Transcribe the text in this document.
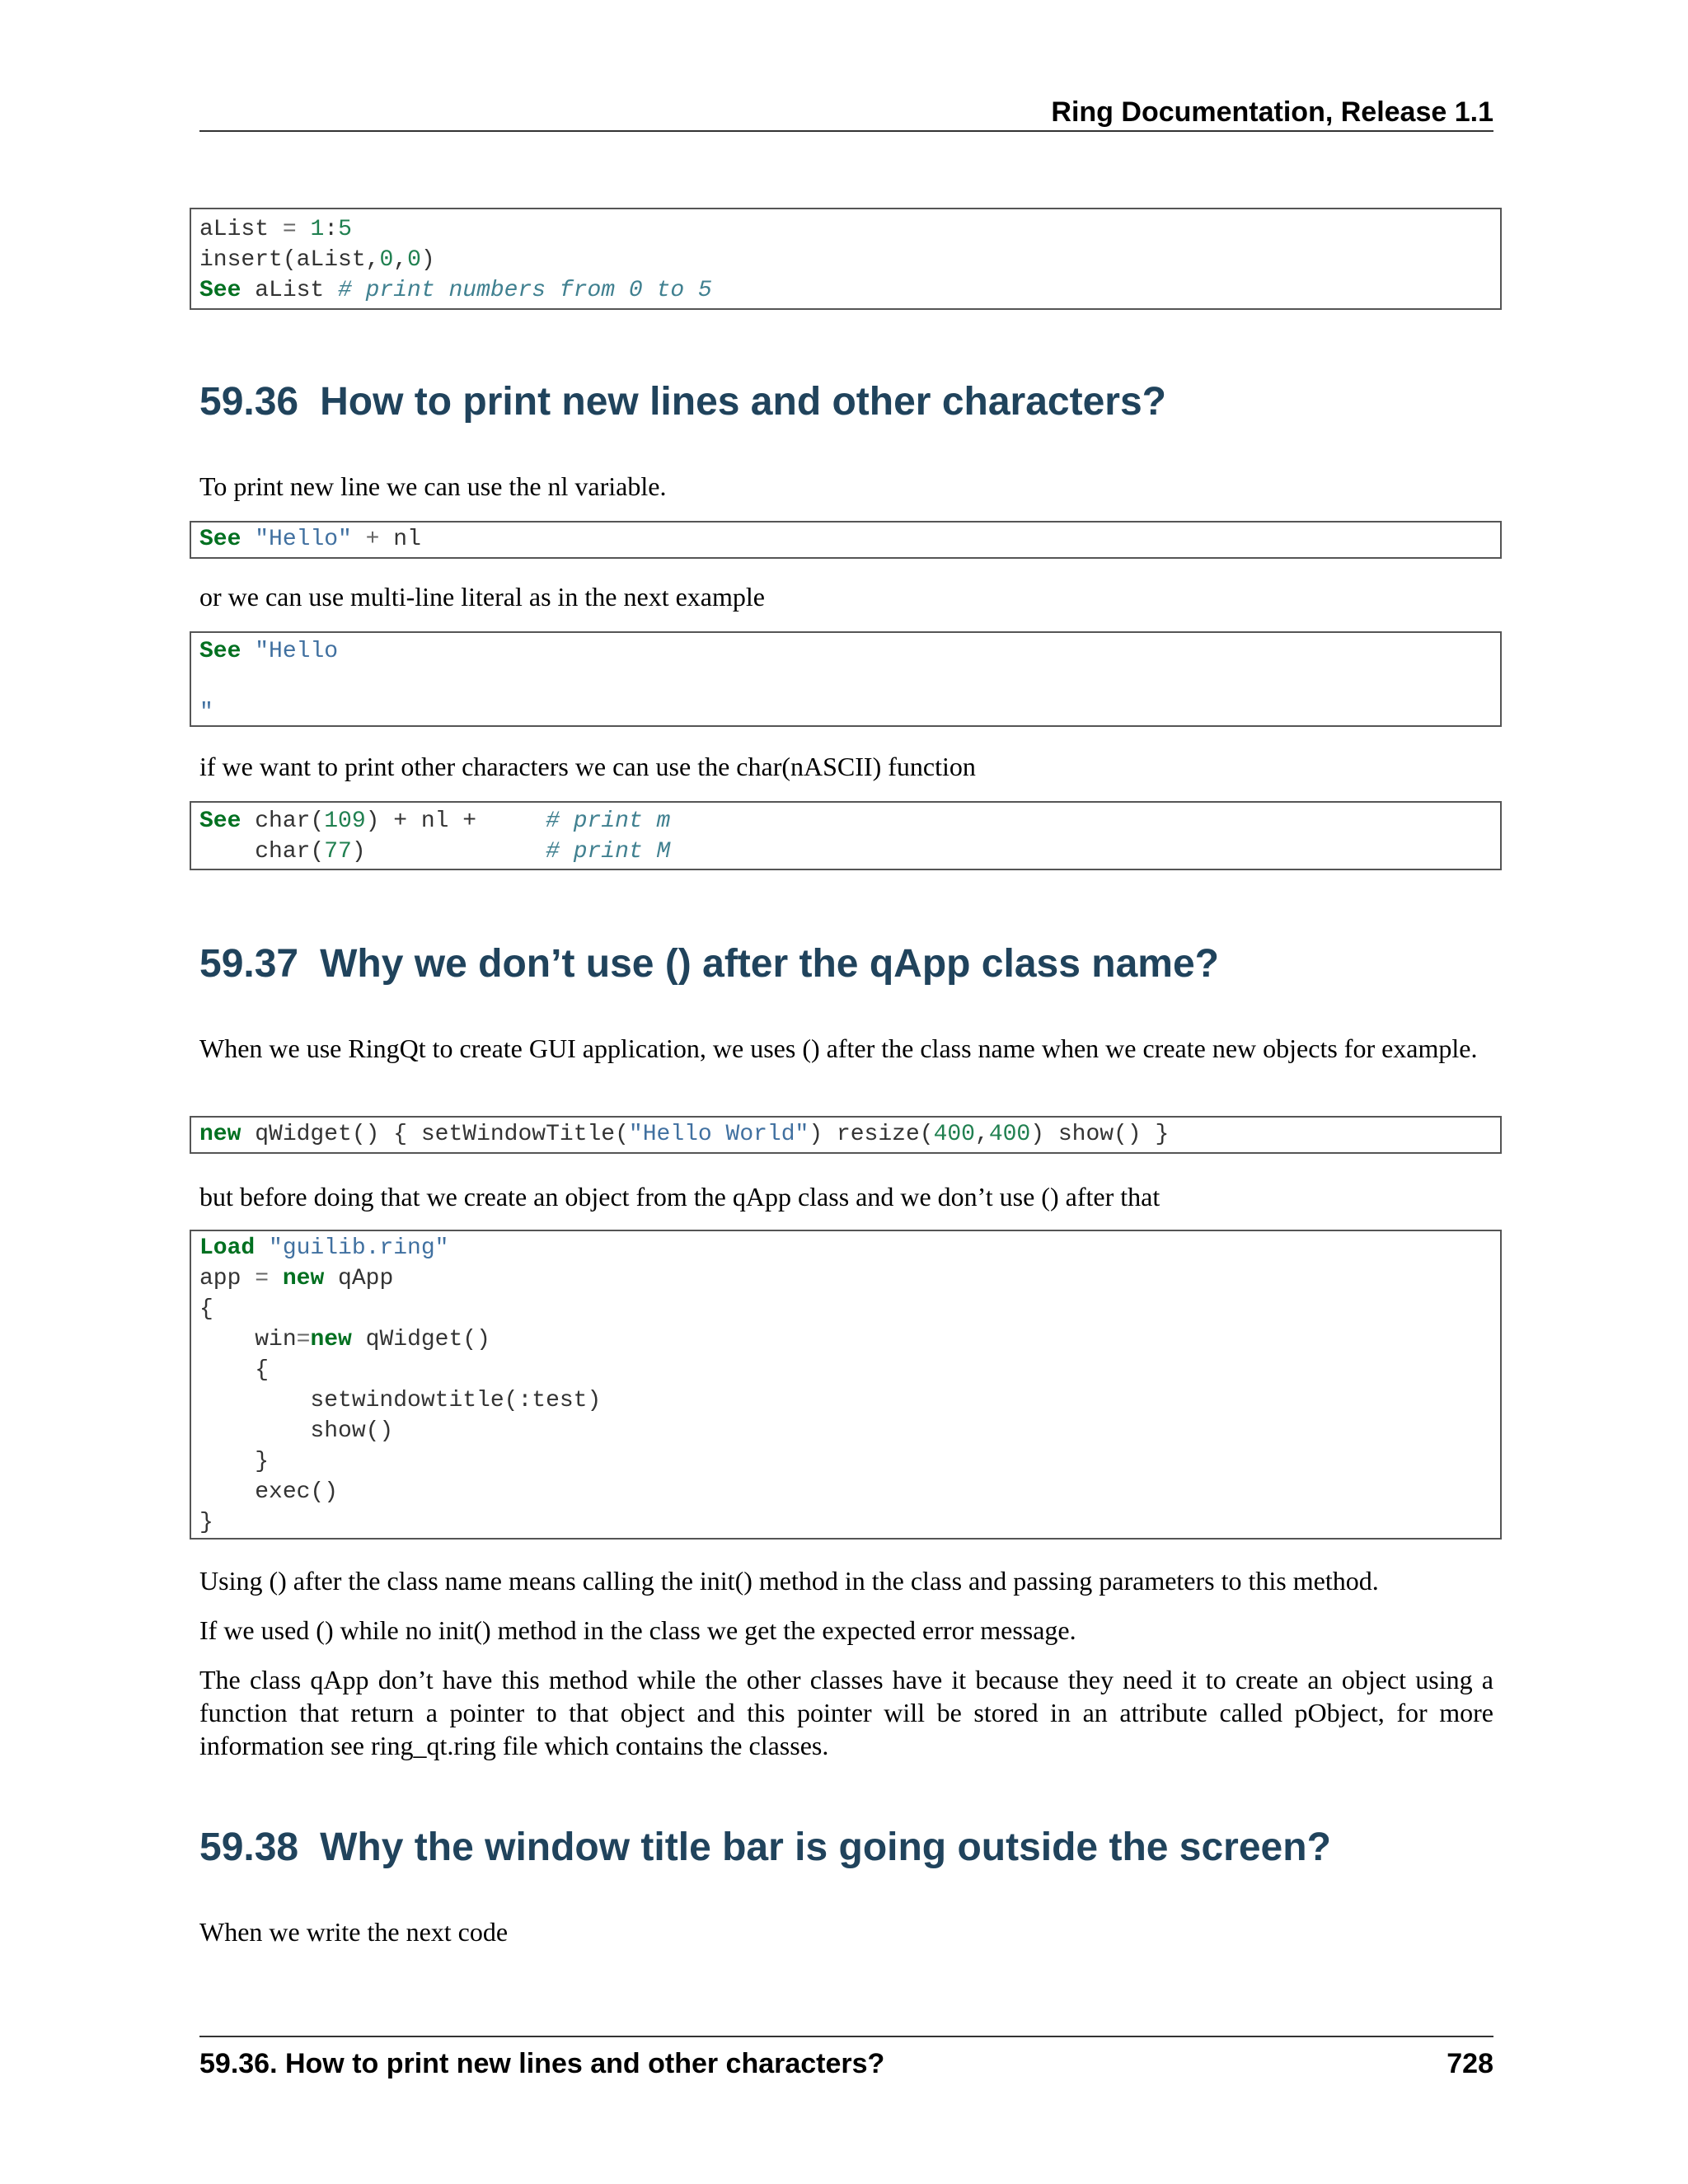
Ring Documentation, Release 1.1
aList = 1:5
insert(aList,0,0)
See aList # print numbers from 0 to 5
59.36 How to print new lines and other characters?

To print new line we can use the nl variable.

See "Hello" + nl

or we can use multi-line literal as in the next example

See "Hello

"

if we want to print other characters we can use the char(nASCII) function

See char(109) + nl +     # print m
char(77)             # print M
59.37 Why we don’t use () after the qApp class name?

When we use RingQt to create GUI application, we uses () after the class name when we create new objects for example.

new qWidget() { setWindowTitle("Hello World") resize(400,400) show() }

but before doing that we create an object from the qApp class and we don’t use () after that

Load "guilib.ring"
app = new qApp
{
win=new qWidget()
{
setwindowtitle(:test)
show()
}
exec()
}

Using () after the class name means calling the init() method in the class and passing parameters to this method.

If we used () while no init() method in the class we get the expected error message.

The class qApp don’t have this method while the other classes have it because they need it to create an object using a function that return a pointer to that object and this pointer will be stored in an attribute called pObject, for more information see ring_qt.ring file which contains the classes.

59.38 Why the window title bar is going outside the screen?

When we write the next code

59.36. How to print new lines and other characters?	728
